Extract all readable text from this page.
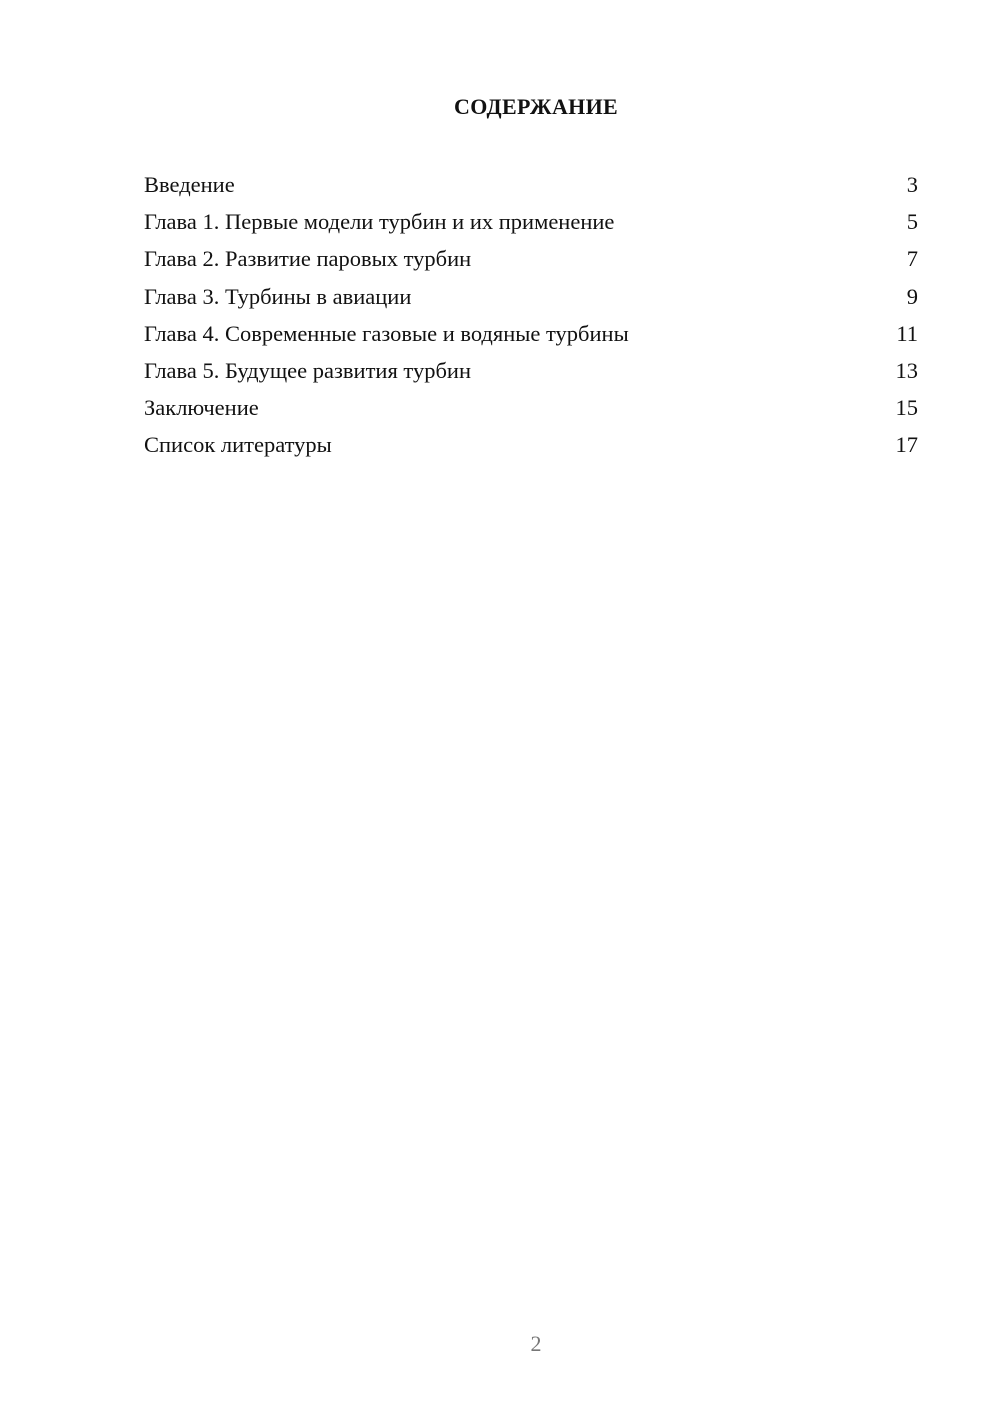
СОДЕРЖАНИЕ
Введение	3
Глава 1. Первые модели турбин и их применение	5
Глава 2. Развитие паровых турбин	7
Глава 3. Турбины в авиации	9
Глава 4. Современные газовые и водяные турбины	11
Глава 5. Будущее развития турбин	13
Заключение	15
Список литературы	17
2
